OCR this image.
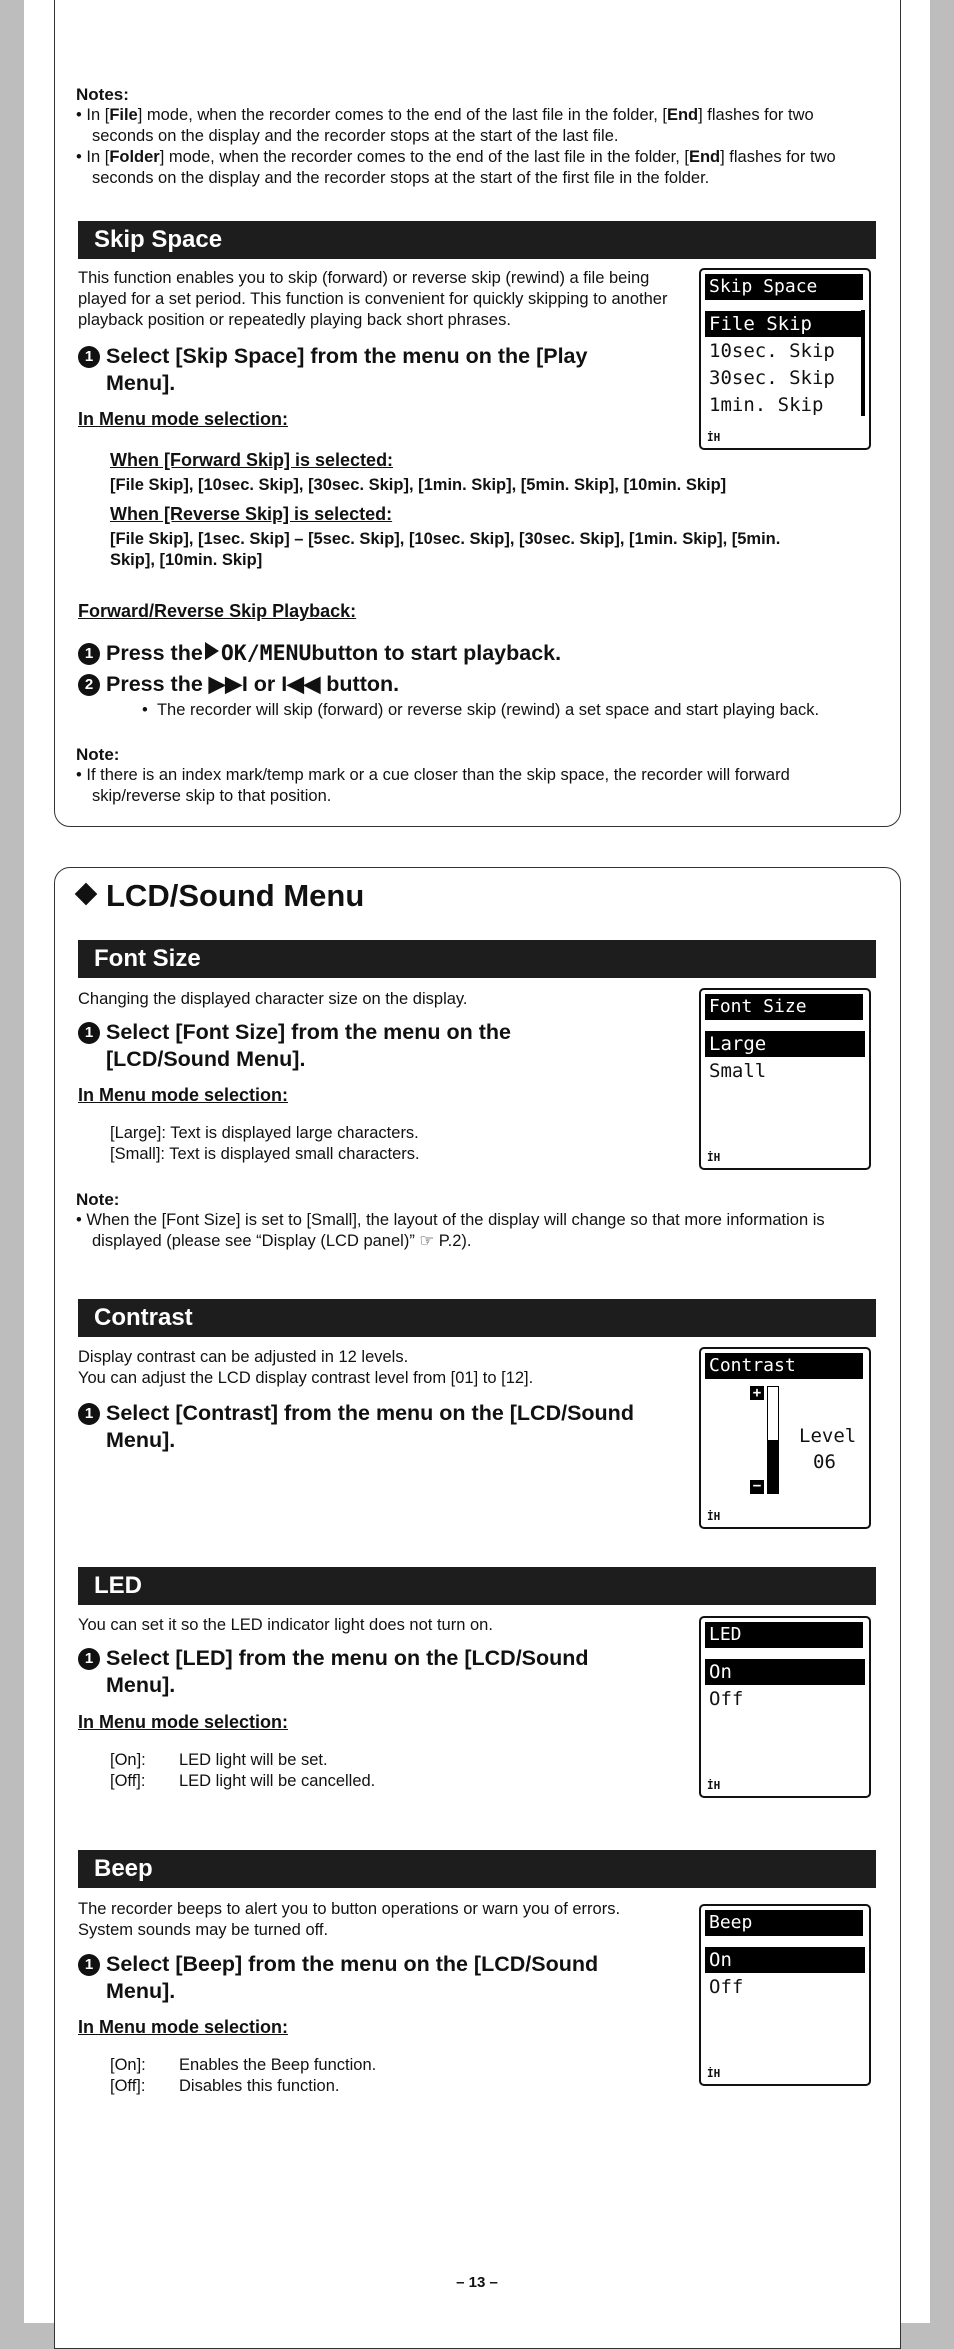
Notes:

• In [File] mode, when the recorder comes to the end of the last file in the folder, [End] flashes for two seconds on the display and the recorder stops at the start of the last file.

• In [Folder] mode, when the recorder comes to the end of the last file in the folder, [End] flashes for two seconds on the display and the recorder stops at the start of the first file in the folder.

Skip Space
This function enables you to skip (forward) or reverse skip (rewind) a file being played for a set period. This function is convenient for quickly skipping to another playback position or repeatedly playing back short phrases.
Skip Space
File Skip
10sec. Skip
30sec. Skip
1min. Skip
İH
1 Select [Skip Space] from the menu on the [Play Menu].
In Menu mode selection:
When [Forward Skip] is selected:
[File Skip], [10sec. Skip], [30sec. Skip], [1min. Skip], [5min. Skip], [10min. Skip]
When [Reverse Skip] is selected:
[File Skip], [1sec. Skip] – [5sec. Skip], [10sec. Skip], [30sec. Skip], [1min. Skip], [5min. Skip], [10min. Skip]
Forward/Reverse Skip Playback:
1 Press the OK/MENU button to start playback.
2 Press the ▶▶I or I◀◀ button.
•  The recorder will skip (forward) or reverse skip (rewind) a set space and start playing back.
Note:

• If there is an index mark/temp mark or a cue closer than the skip space, the recorder will forward skip/reverse skip to that position.

LCD/Sound Menu
Font Size
Changing the displayed character size on the display.
1 Select [Font Size] from the menu on the [LCD/Sound Menu].
In Menu mode selection:
[Large]: Text is displayed large characters.
[Small]: Text is displayed small characters.
Font Size
Large
Small
İH
Note:

• When the [Font Size] is set to [Small], the layout of the display will change so that more information is displayed (please see “Display (LCD panel)” ☞ P.2).

Contrast
Display contrast can be adjusted in 12 levels.
You can adjust the LCD display contrast level from [01] to [12].
1 Select [Contrast] from the menu on the [LCD/Sound Menu].
Contrast
+
−
Level
06
İH
LED
You can set it so the LED indicator light does not turn on.
1 Select [LED] from the menu on the [LCD/Sound Menu].
In Menu mode selection:
[On]: LED light will be set.
[Off]: LED light will be cancelled.
LED
On
Off
İH
Beep
The recorder beeps to alert you to button operations or warn you of errors.
System sounds may be turned off.
1 Select [Beep] from the menu on the [LCD/Sound Menu].
In Menu mode selection:
[On]: Enables the Beep function.
[Off]: Disables this function.
Beep
On
Off
İH
– 13 –
